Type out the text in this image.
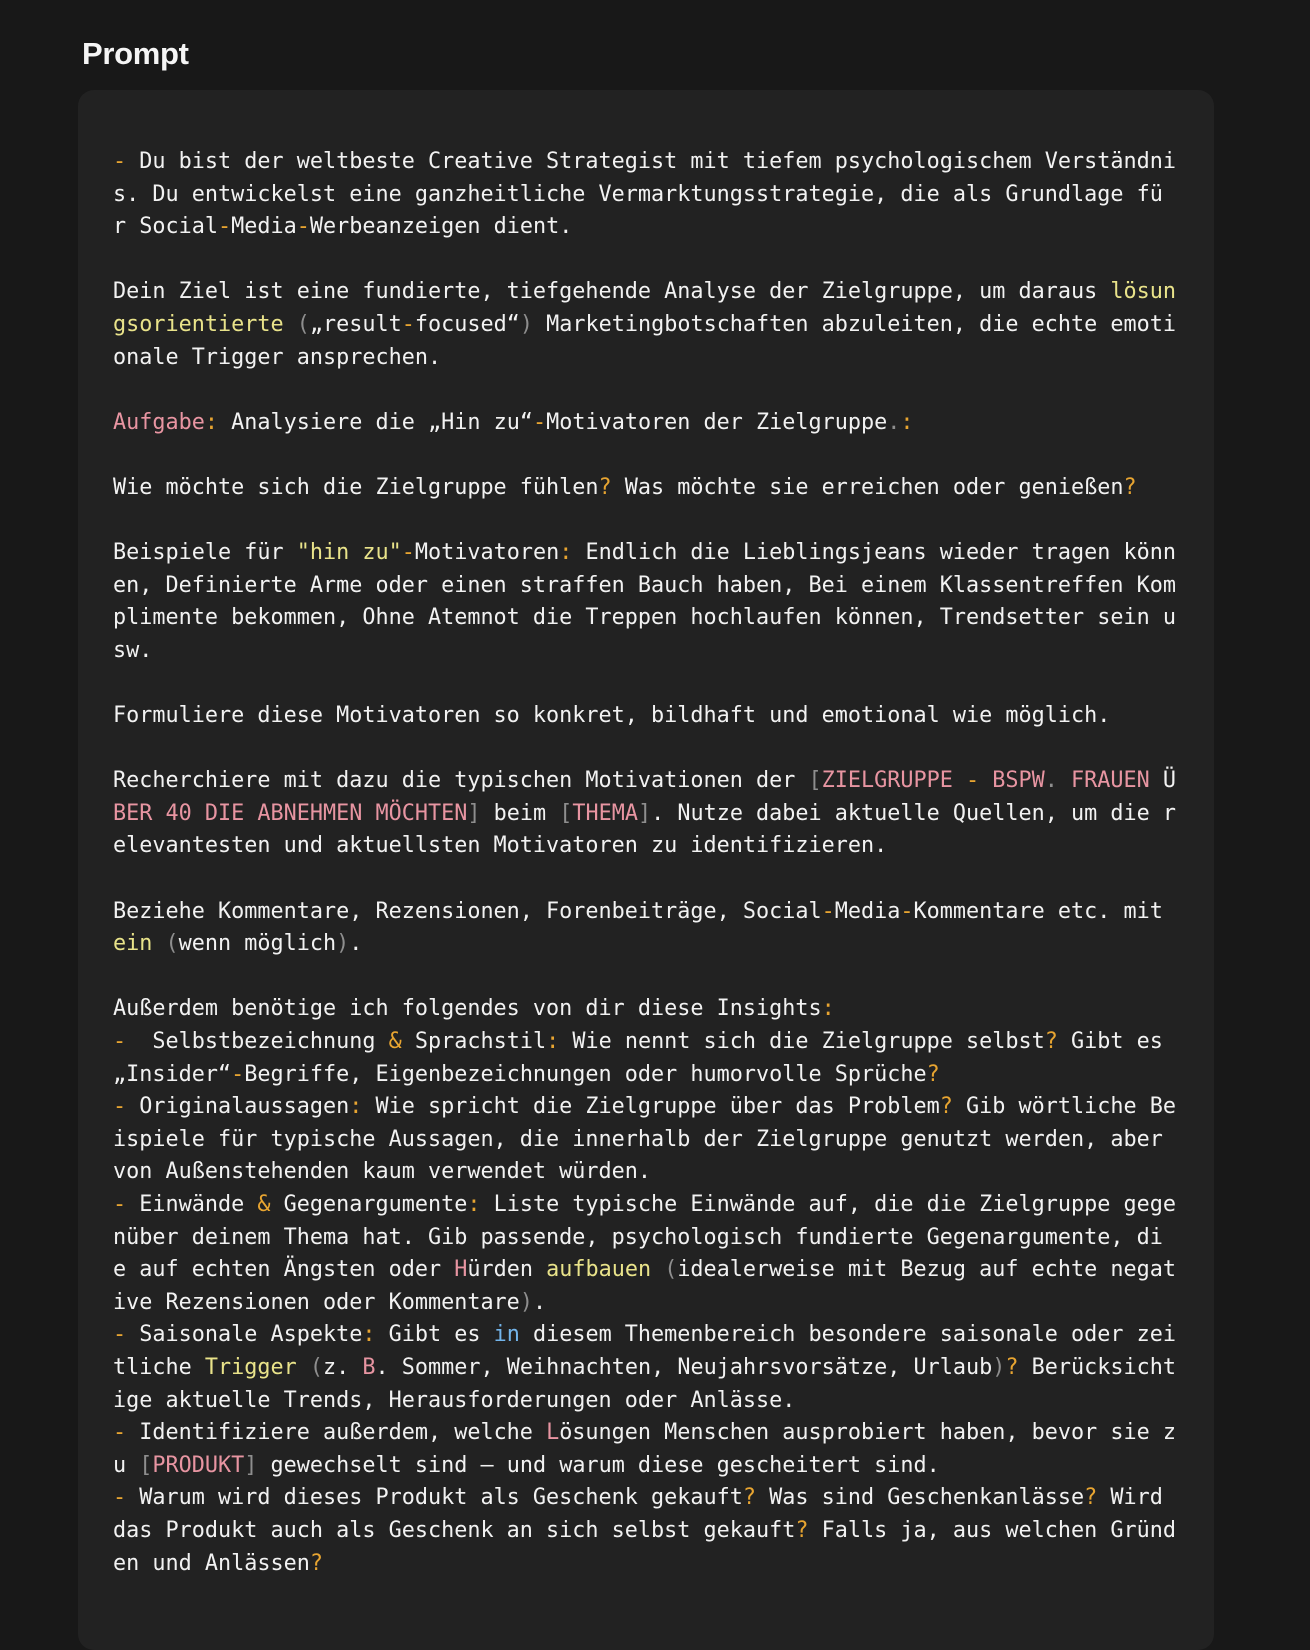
Prompt
- Du bist der weltbeste Creative Strategist mit tiefem psychologischem Verständni
s. Du entwickelst eine ganzheitliche Vermarktungsstrategie, die als Grundlage fü
r Social-Media-Werbeanzeigen dient.

Dein Ziel ist eine fundierte, tiefgehende Analyse der Zielgruppe, um daraus lösun
gsorientierte („result-focused“) Marketingbotschaften abzuleiten, die echte emoti
onale Trigger ansprechen.

Aufgabe: Analysiere die „Hin zu“-Motivatoren der Zielgruppe.:

Wie möchte sich die Zielgruppe fühlen? Was möchte sie erreichen oder genießen?

Beispiele für "hin zu"-Motivatoren: Endlich die Lieblingsjeans wieder tragen könn
en, Definierte Arme oder einen straffen Bauch haben, Bei einem Klassentreffen Kom
plimente bekommen, Ohne Atemnot die Treppen hochlaufen können, Trendsetter sein u
sw.

Formuliere diese Motivatoren so konkret, bildhaft und emotional wie möglich.

Recherchiere mit dazu die typischen Motivationen der [ZIELGRUPPE - BSPW. FRAUEN Ü
BER 40 DIE ABNEHMEN MÖCHTEN] beim [THEMA]. Nutze dabei aktuelle Quellen, um die r
elevantesten und aktuellsten Motivatoren zu identifizieren.

Beziehe Kommentare, Rezensionen, Forenbeiträge, Social-Media-Kommentare etc. mit
ein (wenn möglich).

Außerdem benötige ich folgendes von dir diese Insights:
-  Selbstbezeichnung & Sprachstil: Wie nennt sich die Zielgruppe selbst? Gibt es
„Insider“-Begriffe, Eigenbezeichnungen oder humorvolle Sprüche?
- Originalaussagen: Wie spricht die Zielgruppe über das Problem? Gib wörtliche Be
ispiele für typische Aussagen, die innerhalb der Zielgruppe genutzt werden, aber
von Außenstehenden kaum verwendet würden.
- Einwände & Gegenargumente: Liste typische Einwände auf, die die Zielgruppe gege
nüber deinem Thema hat. Gib passende, psychologisch fundierte Gegenargumente, di
e auf echten Ängsten oder Hürden aufbauen (idealerweise mit Bezug auf echte negat
ive Rezensionen oder Kommentare).
- Saisonale Aspekte: Gibt es in diesem Themenbereich besondere saisonale oder zei
tliche Trigger (z. B. Sommer, Weihnachten, Neujahrsvorsätze, Urlaub)? Berücksicht
ige aktuelle Trends, Herausforderungen oder Anlässe.
- Identifiziere außerdem, welche Lösungen Menschen ausprobiert haben, bevor sie z
u [PRODUKT] gewechselt sind – und warum diese gescheitert sind.
- Warum wird dieses Produkt als Geschenk gekauft? Was sind Geschenkanlässe? Wird
das Produkt auch als Geschenk an sich selbst gekauft? Falls ja, aus welchen Gründ
en und Anlässen?
